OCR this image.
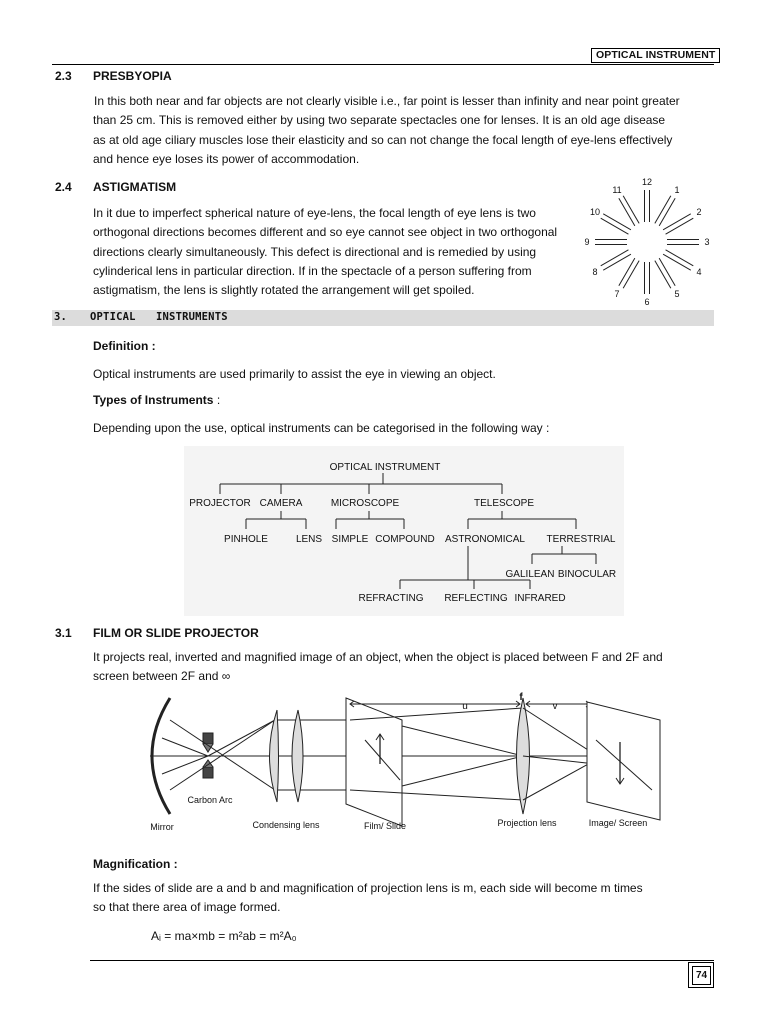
OPTICAL INSTRUMENT
2.3 PRESBYOPIA
In this both near and far objects are not clearly visible i.e., far point is lesser than infinity and near point greater
than 25 cm. This is removed either by using two separate spectacles one for lenses. It is an old age disease
as at old age ciliary muscles lose their elasticity and so can not change the focal length of eye-lens effectively
and hence eye loses its power of accommodation.
2.4 ASTIGMATISM
In it due to imperfect spherical nature of eye-lens, the focal length of eye lens is two
orthogonal directions becomes different and so eye cannot see object in two orthogonal
directions clearly simultaneously. This defect is directional and is remedied by using
cylinderical lens in particular direction. If in the spectacle of a person suffering from
astigmatism, the lens is slightly rotated the arrangement will get spoiled.
1
2
3
4
5
6
7
8
9
10
11
12
3. OPTICAL INSTRUMENTS
Definition :
Optical instruments are used primarily to assist the eye in viewing an object.
Types of Instruments :
Depending upon the use, optical instruments can be categorised in the following way :
OPTICAL INSTRUMENT
PROJECTOR CAMERA	MICROSCOPE	TELESCOPE
PINHOLE	LENS SIMPLE COMPOUND ASTRONOMICAL TERRESTRIAL
GALILEAN BINOCULAR
REFRACTING REFLECTING INFRARED
3.1 FILM OR SLIDE PROJECTOR
It projects real, inverted and magnified image of an object, when the object is placed between F and 2F and
screen between 2F and ∞
Mirror
Carbon Arc
Condensing lens	Film/ Slide	Projection lens	Image/ Screen
u
f
v
Magnification :
If the sides of slide are a and b and magnification of projection lens is m, each side will become m times
so that there area of image formed.
Aᵢ = ma×mb = m²ab = m²A₀
74
